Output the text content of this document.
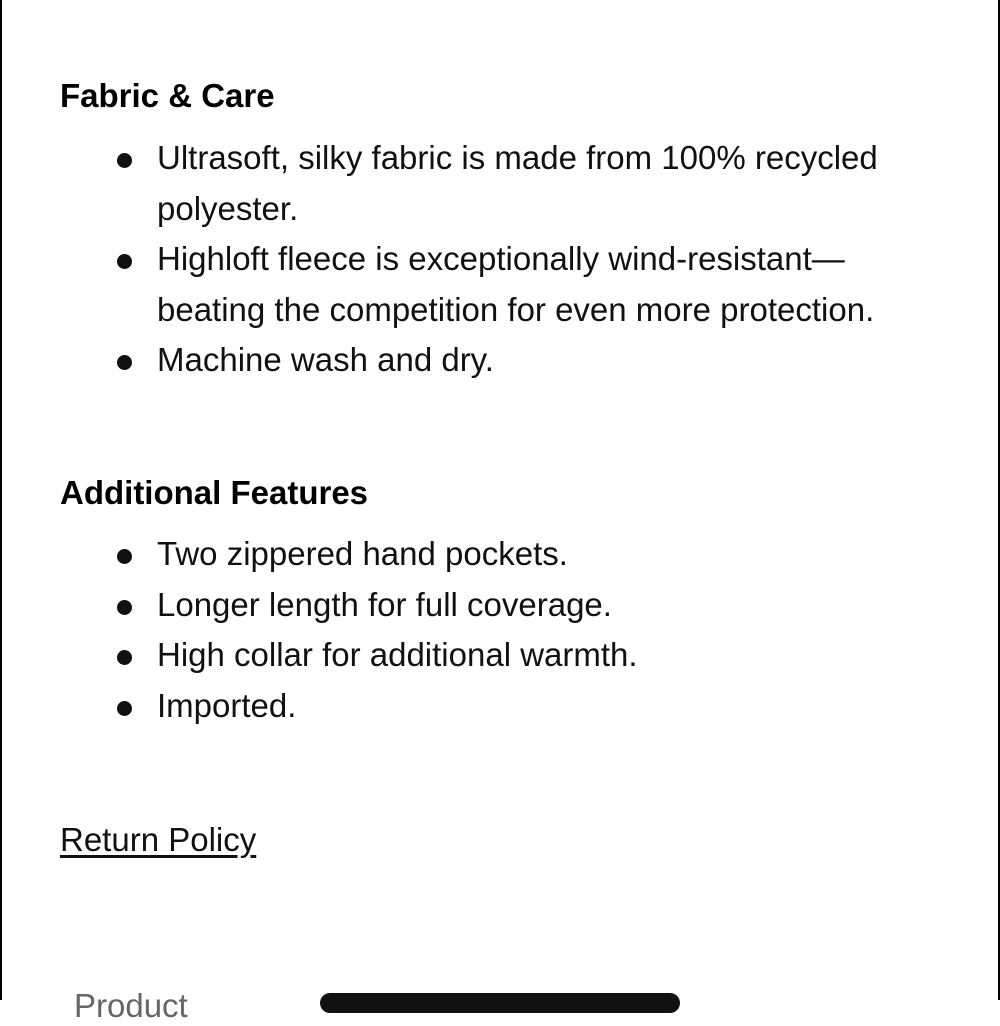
Fabric & Care
Ultrasoft, silky fabric is made from 100% recycled polyester.
Highloft fleece is exceptionally wind-resistant—beating the competition for even more protection.
Machine wash and dry.
Additional Features
Two zippered hand pockets.
Longer length for full coverage.
High collar for additional warmth.
Imported.
Return Policy
Product
